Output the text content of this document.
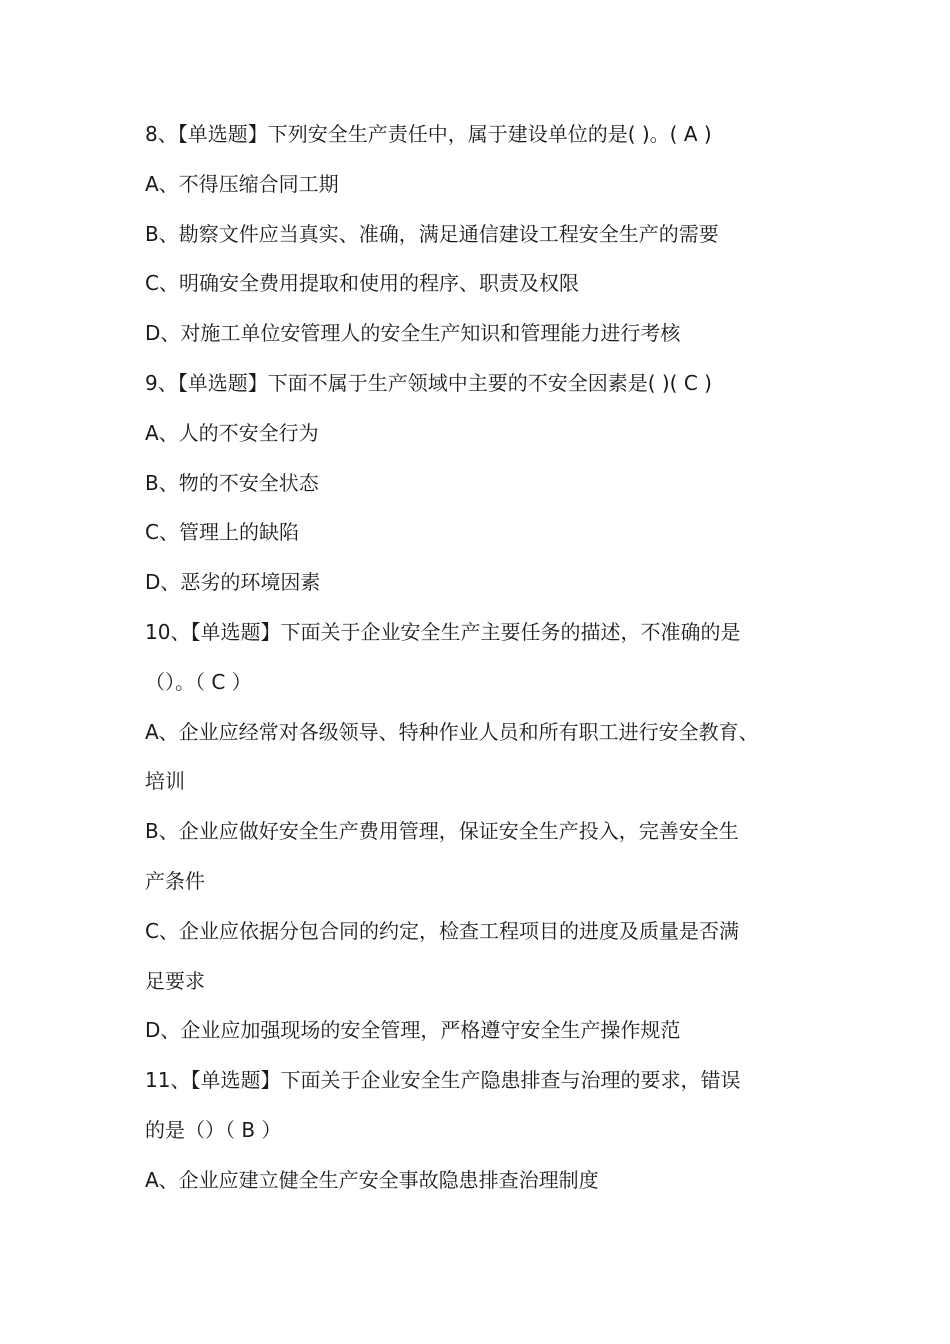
8、【单选题】下列安全生产责任中，属于建设单位的是( )。( A )
A、不得压缩合同工期
B、勘察文件应当真实、准确，满足通信建设工程安全生产的需要
C、明确安全费用提取和使用的程序、职责及权限
D、对施工单位安管理人的安全生产知识和管理能力进行考核
9、【单选题】下面不属于生产领域中主要的不安全因素是( )( C )
A、人的不安全行为
B、物的不安全状态
C、管理上的缺陷
D、恶劣的环境因素
10、【单选题】下面关于企业安全生产主要任务的描述，不准确的是
（）。（ C ）
A、企业应经常对各级领导、特种作业人员和所有职工进行安全教育、
培训
B、企业应做好安全生产费用管理，保证安全生产投入，完善安全生
产条件
C、企业应依据分包合同的约定，检查工程项目的进度及质量是否满
足要求
D、企业应加强现场的安全管理，严格遵守安全生产操作规范
11、【单选题】下面关于企业安全生产隐患排查与治理的要求，错误
的是（）（ B ）
A、企业应建立健全生产安全事故隐患排查治理制度
